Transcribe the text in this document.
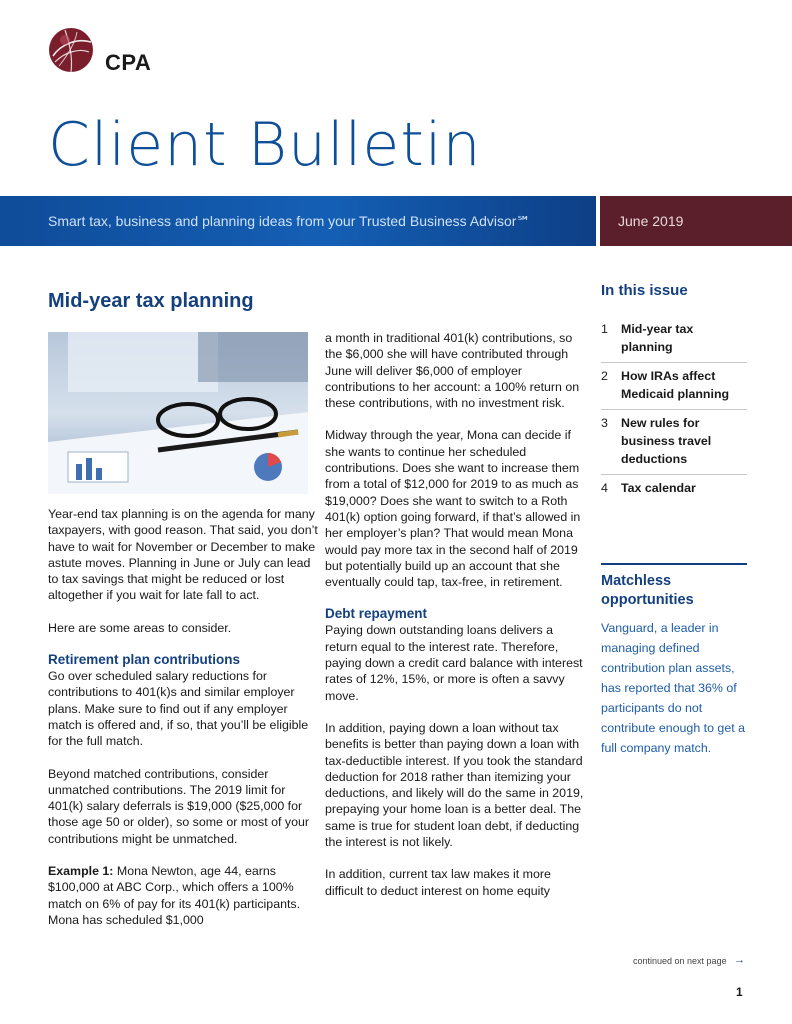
CPA
Client Bulletin
Smart tax, business and planning ideas from your Trusted Business Advisor℠	June 2019
Mid-year tax planning

Year-end tax planning is on the agenda for many taxpayers, with good reason. That said, you don’t have to wait for November or December to make astute moves. Planning in June or July can lead to tax savings that might be reduced or lost altogether if you wait for late fall to act.

Here are some areas to consider.

Retirement plan contributions

Go over scheduled salary reductions for contributions to 401(k)s and similar employer plans. Make sure to find out if any employer match is offered and, if so, that you’ll be eligible for the full match.

Beyond matched contributions, consider unmatched contributions. The 2019 limit for 401(k) salary deferrals is $19,000 ($25,000 for those age 50 or older), so some or most of your contributions might be unmatched.

Example 1: Mona Newton, age 44, earns $100,000 at ABC Corp., which offers a 100% match on 6% of pay for its 401(k) participants. Mona has scheduled $1,000

a month in traditional 401(k) contributions, so the $6,000 she will have contributed through June will deliver $6,000 of employer contributions to her account: a 100% return on these contributions, with no investment risk.

Midway through the year, Mona can decide if she wants to continue her scheduled contributions. Does she want to increase them from a total of $12,000 for 2019 to as much as $19,000? Does she want to switch to a Roth 401(k) option going forward, if that’s allowed in her employer’s plan? That would mean Mona would pay more tax in the second half of 2019 but potentially build up an account that she eventually could tap, tax-free, in retirement.

Debt repayment

Paying down outstanding loans delivers a return equal to the interest rate. Therefore, paying down a credit card balance with interest rates of 12%, 15%, or more is often a savvy move.

In addition, paying down a loan without tax benefits is better than paying down a loan with tax-deductible interest. If you took the standard deduction for 2018 rather than itemizing your deductions, and likely will do the same in 2019, prepaying your home loan is a better deal. The same is true for student loan debt, if deducting the interest is not likely.

In addition, current tax law makes it more difficult to deduct interest on home equity

In this issue
1	Mid-year tax planning
2	How IRAs affect Medicaid planning
3	New rules for business travel deductions
4	Tax calendar
Matchless opportunities

Vanguard, a leader in managing defined contribution plan assets, has reported that 36% of participants do not contribute enough to get a full company match.

continued on next page →
1
